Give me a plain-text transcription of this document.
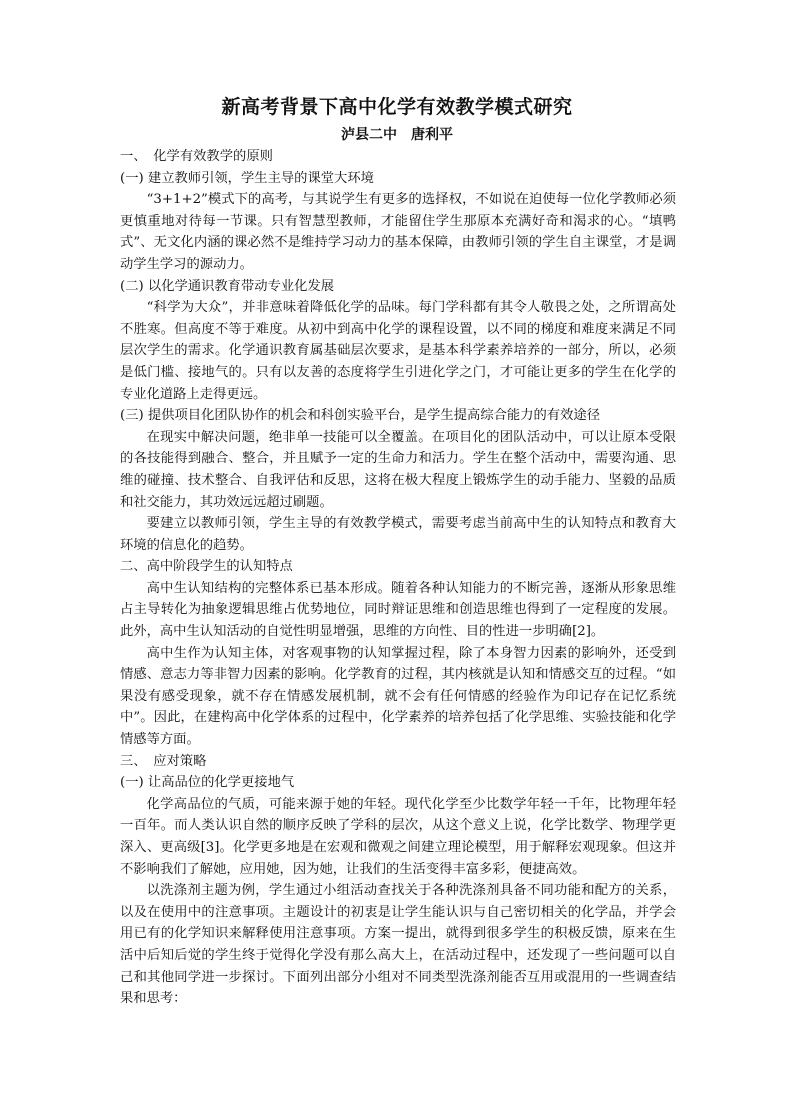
新高考背景下高中化学有效教学模式研究
泸县二中　唐利平
一、　化学有效教学的原则
(一) 建立教师引领，学生主导的课堂大环境
“3+1+2”模式下的高考，与其说学生有更多的选择权，不如说在迫使每一位化学教师必须更慎重地对待每一节课。只有智慧型教师，才能留住学生那原本充满好奇和渴求的心。“填鸭式”、无文化内涵的课必然不是维持学习动力的基本保障，由教师引领的学生自主课堂，才是调动学生学习的源动力。
(二) 以化学通识教育带动专业化发展
“科学为大众”，并非意味着降低化学的品味。每门学科都有其令人敬畏之处，之所谓高处不胜寒。但高度不等于难度。从初中到高中化学的课程设置，以不同的梯度和难度来满足不同层次学生的需求。化学通识教育属基础层次要求，是基本科学素养培养的一部分，所以，必须是低门槛、接地气的。只有以友善的态度将学生引进化学之门，才可能让更多的学生在化学的专业化道路上走得更远。
(三) 提供项目化团队协作的机会和科创实验平台，是学生提高综合能力的有效途径
在现实中解决问题，绝非单一技能可以全覆盖。在项目化的团队活动中，可以让原本受限的各技能得到融合、整合，并且赋予一定的生命力和活力。学生在整个活动中，需要沟通、思维的碰撞、技术整合、自我评估和反思，这将在极大程度上锻炼学生的动手能力、坚毅的品质和社交能力，其功效远远超过刷题。
要建立以教师引领，学生主导的有效教学模式，需要考虑当前高中生的认知特点和教育大环境的信息化的趋势。
二、高中阶段学生的认知特点
高中生认知结构的完整体系已基本形成。随着各种认知能力的不断完善，逐渐从形象思维占主导转化为抽象逻辑思维占优势地位，同时辩证思维和创造思维也得到了一定程度的发展。此外，高中生认知活动的自觉性明显增强，思维的方向性、目的性进一步明确[2]。
高中生作为认知主体，对客观事物的认知掌握过程，除了本身智力因素的影响外，还受到情感、意志力等非智力因素的影响。化学教育的过程，其内核就是认知和情感交互的过程。“如果没有感受现象，就不存在情感发展机制，就不会有任何情感的经验作为印记存在记忆系统中”。因此，在建构高中化学体系的过程中，化学素养的培养包括了化学思维、实验技能和化学情感等方面。
三、　应对策略
(一) 让高品位的化学更接地气
化学高品位的气质，可能来源于她的年轻。现代化学至少比数学年轻一千年，比物理年轻一百年。而人类认识自然的顺序反映了学科的层次，从这个意义上说，化学比数学、物理学更深入、更高级[3]。化学更多地是在宏观和微观之间建立理论模型，用于解释宏观现象。但这并不影响我们了解她，应用她，因为她，让我们的生活变得丰富多彩，便捷高效。
以洗涤剂主题为例，学生通过小组活动查找关于各种洗涤剂具备不同功能和配方的关系，以及在使用中的注意事项。主题设计的初衷是让学生能认识与自己密切相关的化学品，并学会用已有的化学知识来解释使用注意事项。方案一提出，就得到很多学生的积极反馈，原来在生活中后知后觉的学生终于觉得化学没有那么高大上，在活动过程中，还发现了一些问题可以自己和其他同学进一步探讨。下面列出部分小组对不同类型洗涤剂能否互用或混用的一些调查结果和思考：
